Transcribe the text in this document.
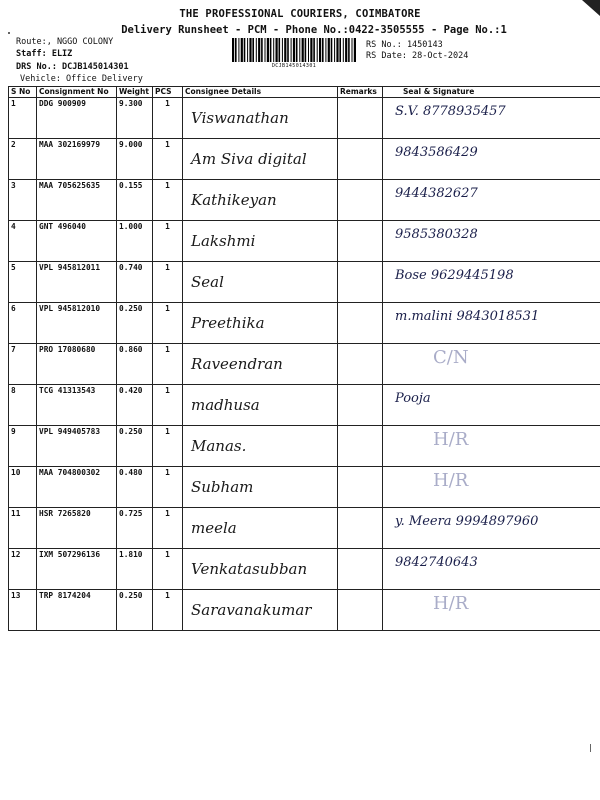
THE PROFESSIONAL COURIERS, COIMBATORE
Delivery Runsheet - PCM - Phone No.:0422-3505555 - Page No.:1
Route:, NGGO COLONY
Staff: ELIZ
DRS No.: DCJB145014301
Vehicle: Office Delivery
DCJB145014301
RS No.: 1450143
RS Date: 28-Oct-2024
S No	Consignment No	Weight	PCS	Consignee Details	Remarks	Seal & Signature
1	DDG 900909	9.300	1	Viswanathan		S.V. 8778935457

2	MAA 302169979	9.000	1	Am Siva digital		9843586429

3	MAA 705625635	0.155	1	Kathikeyan		9444382627

4	GNT 496040	1.000	1	Lakshmi		9585380328

5	VPL 945812011	0.740	1	Seal		Bose 9629445198

6	VPL 945812010	0.250	1	Preethika		m.malini 9843018531

7	PRO 17080680	0.860	1	Raveendran		C/N

8	TCG 41313543	0.420	1	madhusa		Pooja

9	VPL 949405783	0.250	1	Manas.		H/R

10	MAA 704800302	0.480	1	Subham		H/R

11	HSR 7265820	0.725	1	meela		y. Meera 9994897960

12	IXM 507296136	1.810	1	Venkatasubban		9842740643

13	TRP 8174204	0.250	1	Saravanakumar		H/R
